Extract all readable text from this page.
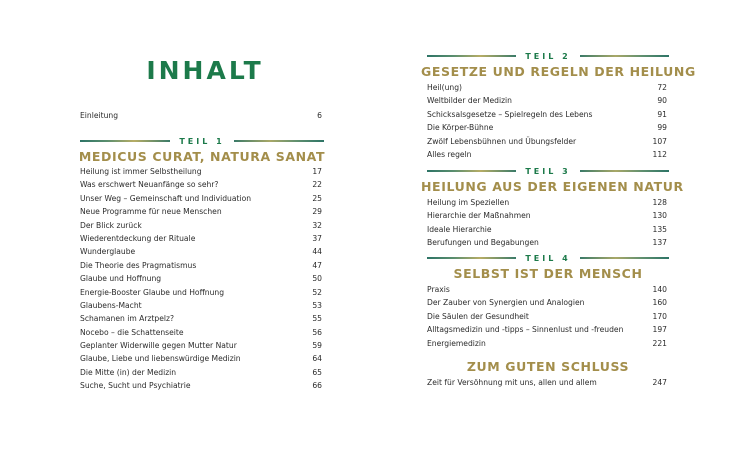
INHALT
Einleitung	6
TEIL 1
MEDICUS CURAT, NATURA SANAT
Heilung ist immer Selbstheilung	17
Was erschwert Neuanfänge so sehr?	22
Unser Weg – Gemeinschaft und Individuation	25
Neue Programme für neue Menschen	29
Der Blick zurück	32
Wiederentdeckung der Rituale	37
Wunderglaube	44
Die Theorie des Pragmatismus	47
Glaube und Hoffnung	50
Energie-Booster Glaube und Hoffnung	52
Glaubens-Macht	53
Schamanen im Arztpelz?	55
Nocebo – die Schattenseite	56
Geplanter Widerwille gegen Mutter Natur	59
Glaube, Liebe und liebenswürdige Medizin	64
Die Mitte (in) der Medizin	65
Suche, Sucht und Psychiatrie	66
TEIL 2
GESETZE UND REGELN DER HEILUNG
Heil(ung)	72
Weltbilder der Medizin	90
Schicksalsgesetze – Spielregeln des Lebens	91
Die Körper-Bühne	99
Zwölf Lebensbühnen und Übungsfelder	107
Alles regeln	112
TEIL 3
HEILUNG AUS DER EIGENEN NATUR
Heilung im Speziellen	128
Hierarchie der Maßnahmen	130
Ideale Hierarchie	135
Berufungen und Begabungen	137
TEIL 4
SELBST IST DER MENSCH
Praxis	140
Der Zauber von Synergien und Analogien	160
Die Säulen der Gesundheit	170
Alltagsmedizin und -tipps – Sinnenlust und -freuden	197
Energiemedizin	221
ZUM GUTEN SCHLUSS
Zeit für Versöhnung mit uns, allen und allem	247
